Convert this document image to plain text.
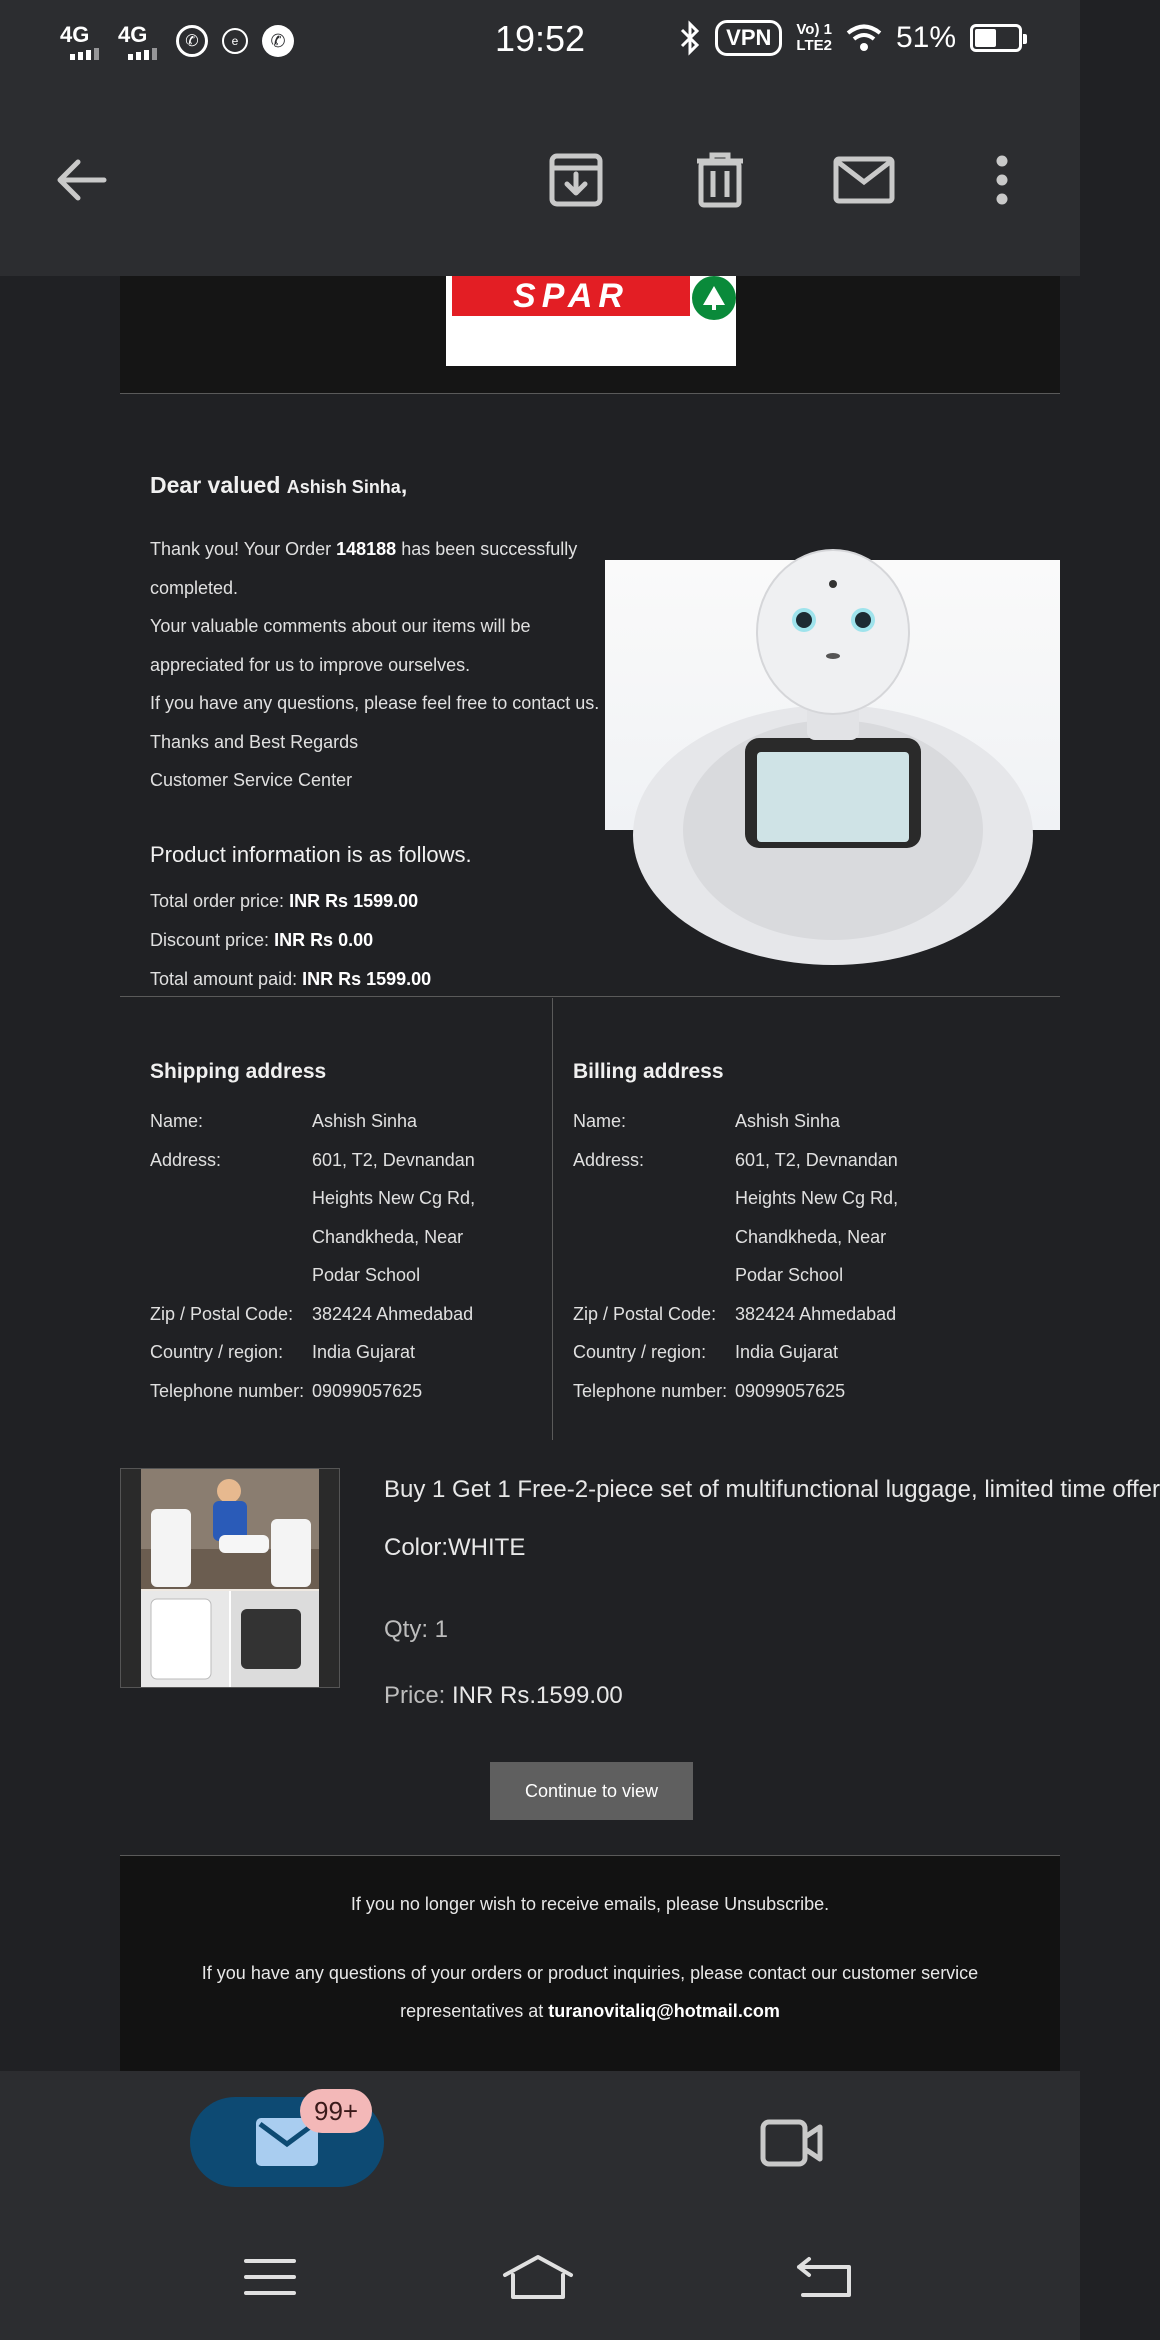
4G 4G	✆	e	✆	19:52	VPN	Vo) 1
LTE2 51%
SPAR
Dear valued Ashish Sinha,
Thank you! Your Order 148188 has been successfully completed.
Your valuable comments about our items will be appreciated for us to improve ourselves.
If you have any questions, please feel free to contact us.
Thanks and Best Regards
Customer Service Center
Product information is as follows.
Total order price: INR Rs 1599.00
Discount price: INR Rs 0.00
Total amount paid: INR Rs 1599.00
Shipping address
Name:	Ashish Sinha
Address:	601, T2, Devnandan Heights New Cg Rd, Chandkheda, Near Podar School
Zip / Postal Code:	382424 Ahmedabad
Country / region:	India Gujarat
Telephone number: 09099057625
Billing address
Name:	Ashish Sinha
Address:	601, T2, Devnandan Heights New Cg Rd, Chandkheda, Near Podar School
Zip / Postal Code:	382424 Ahmedabad
Country / region:	India Gujarat
Telephone number: 09099057625
Buy 1 Get 1 Free-2-piece set of multifunctional luggage, limited time offer
Color:WHITE
Qty: 1
Price: INR Rs.1599.00
Continue to view
If you no longer wish to receive emails, please Unsubscribe.
If you have any questions of your orders or product inquiries, please contact our customer service representatives at turanovitaliq@hotmail.com
99+
